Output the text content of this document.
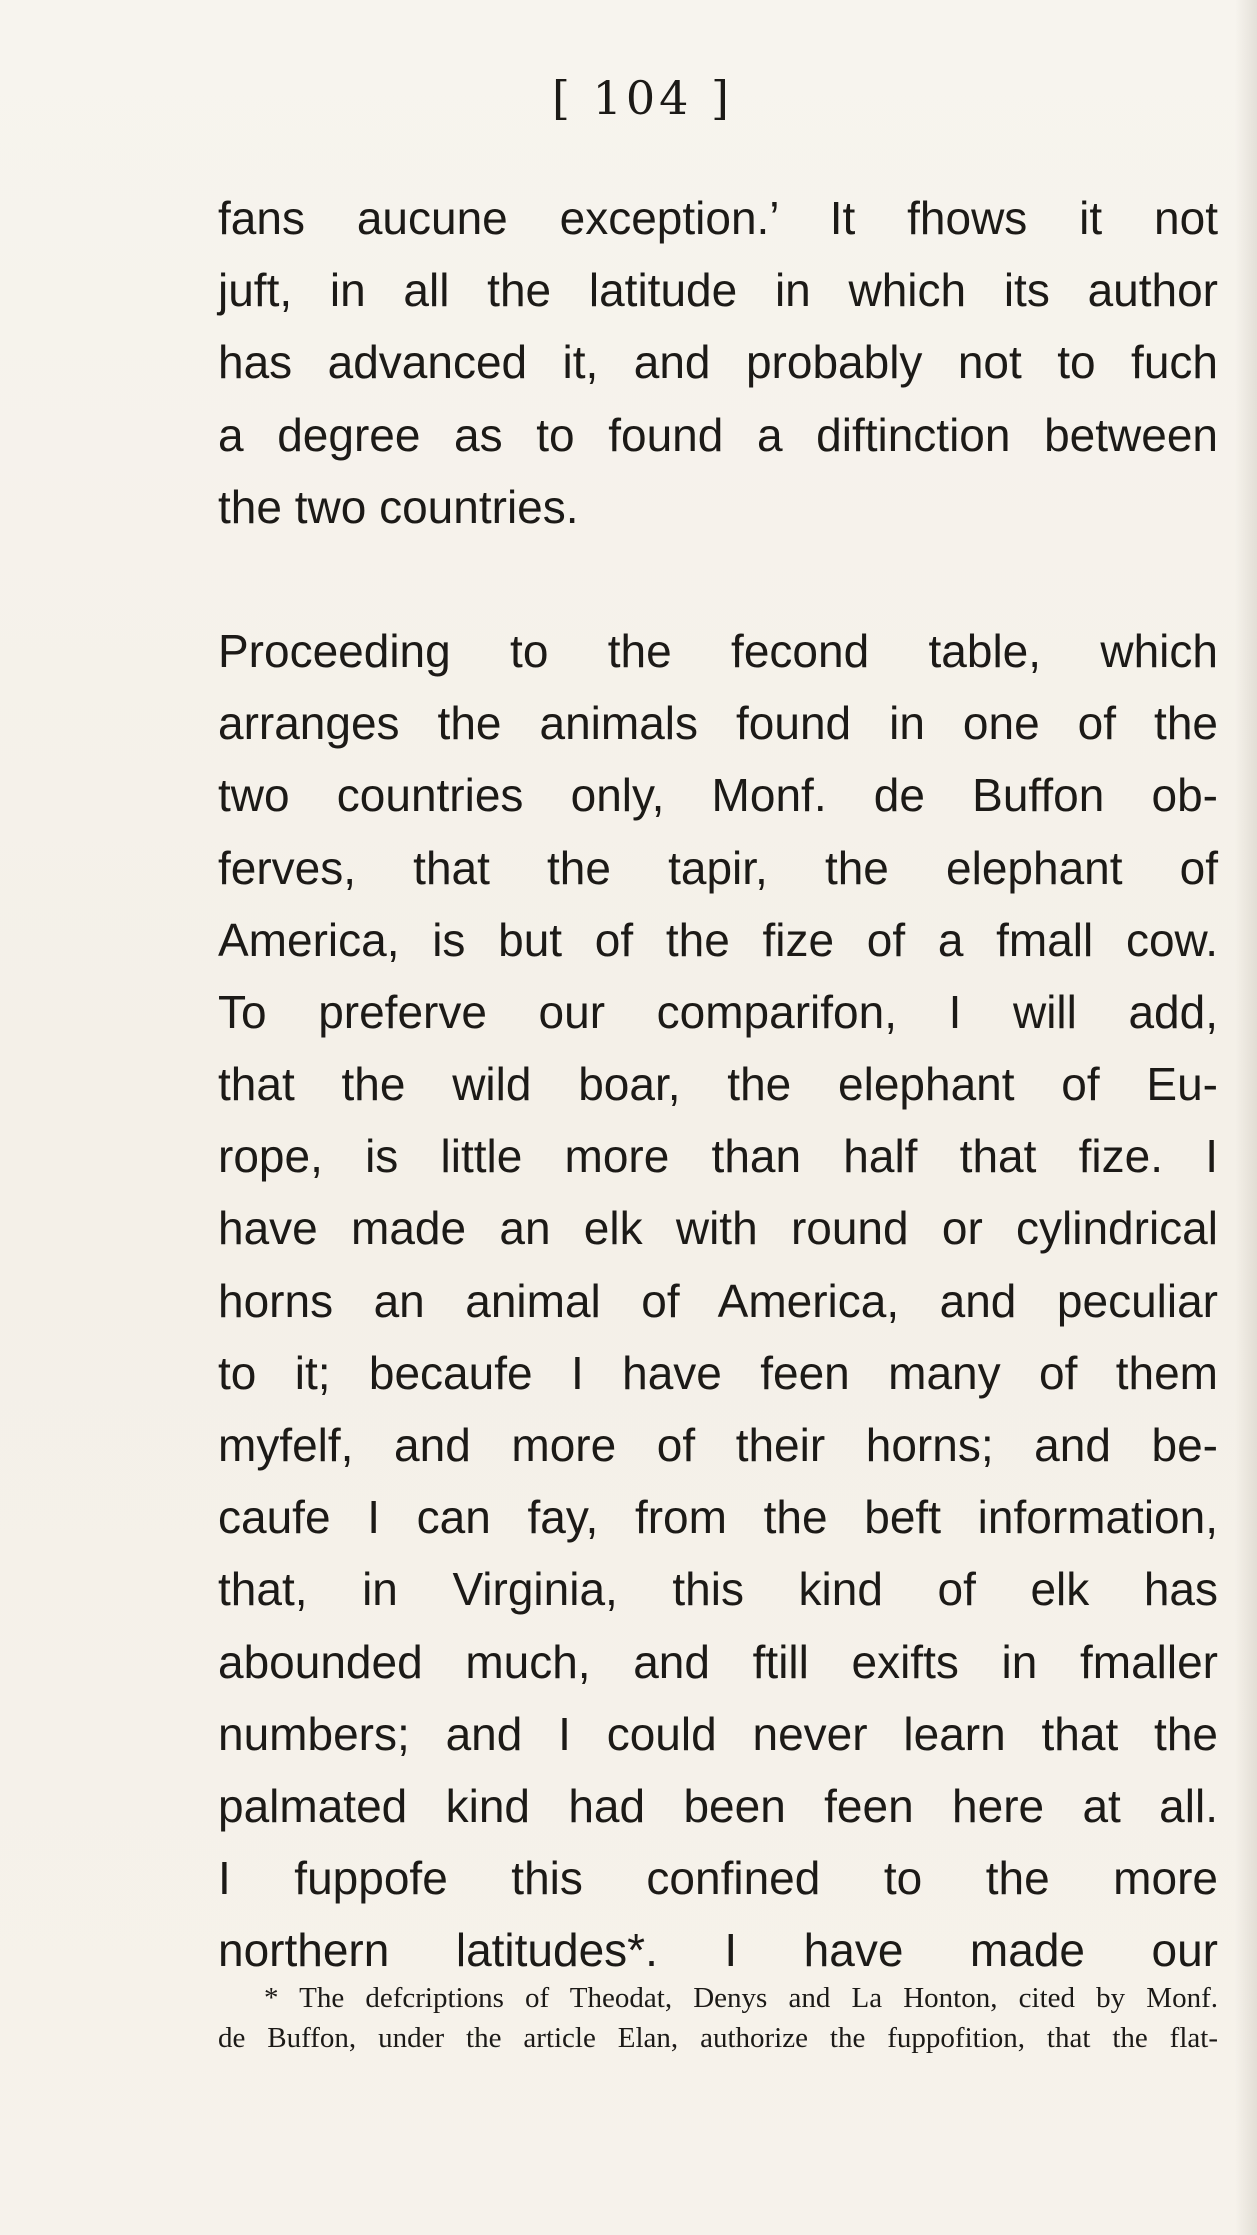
[ 104 ]
fans aucune exception.’ It fhows it not
juft, in all the latitude in which its author
has advanced it, and probably not to fuch
a degree as to found a diftinction between
the two countries.
Proceeding to the fecond table, which
arranges the animals found in one of the
two countries only, Monf. de Buffon ob-
ferves, that the tapir, the elephant of
America, is but of the fize of a fmall cow.
To preferve our comparifon, I will add,
that the wild boar, the elephant of Eu-
rope, is little more than half that fize. I
have made an elk with round or cylindrical
horns an animal of America, and peculiar
to it; becaufe I have feen many of them
myfelf, and more of their horns; and be-
caufe I can fay, from the beft information,
that, in Virginia, this kind of elk has
abounded much, and ftill exifts in fmaller
numbers; and I could never learn that the
palmated kind had been feen here at all.
I fuppofe this confined to the more
northern latitudes*. I have made our
* The defcriptions of Theodat, Denys and La Honton, cited by Monf.
de Buffon, under the article Elan, authorize the fuppofition, that the flat-
